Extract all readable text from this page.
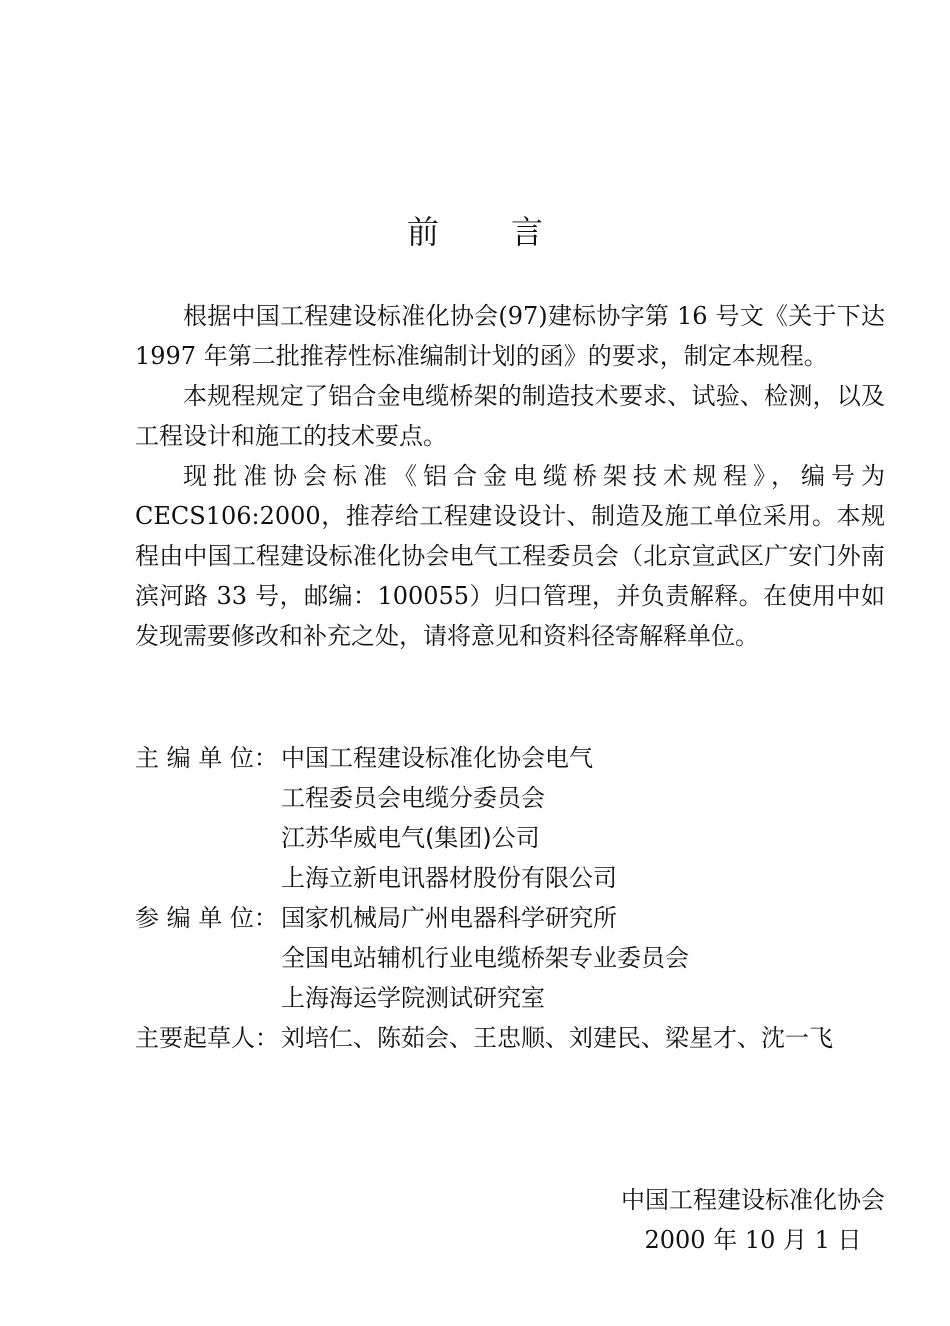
前言

根据中国工程建设标准化协会(97)建标协字第 16 号文《关于下达 1997 年第二批推荐性标准编制计划的函》的要求，制定本规程。

本规程规定了铝合金电缆桥架的制造技术要求、试验、检测，以及工程设计和施工的技术要点。

现批准协会标准《铝合金电缆桥架技术规程》，编号为 CECS106:2000，推荐给工程建设设计、制造及施工单位采用。本规程由中国工程建设标准化协会电气工程委员会（北京宣武区广安门外南滨河路 33 号，邮编：100055）归口管理，并负责解释。在使用中如发现需要修改和补充之处，请将意见和资料径寄解释单位。

主 编 单 位： 中国工程建设标准化协会电气
工程委员会电缆分委员会
江苏华威电气(集团)公司
上海立新电讯器材股份有限公司
参 编 单 位： 国家机械局广州电器科学研究所
全国电站辅机行业电缆桥架专业委员会
上海海运学院测试研究室
主要起草人： 刘培仁、陈茹会、王忠顺、刘建民、梁星才、沈一飞
中国工程建设标准化协会
2000 年 10 月 1 日
